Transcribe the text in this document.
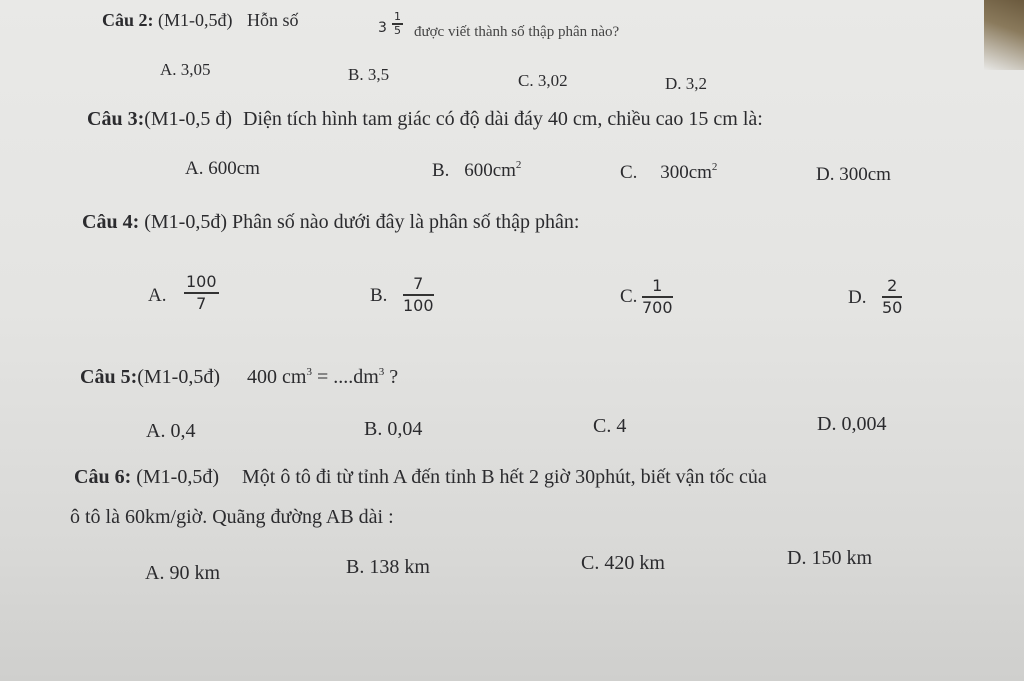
Câu 2: (M1-0,5đ) Hỗn số	3
1
5 được viết thành số thập phân nào?
A. 3,05	B. 3,5	C. 3,02	D. 3,2
Câu 3:(M1-0,5 đ) Diện tích hình tam giác có độ dài đáy 40 cm, chiều cao 15 cm là:
A. 600cm	B. $600cm^2$	C. $300cm^2$	D. 300cm
Câu 4: (M1-0,5đ) Phân số nào dưới đây là phân số thập phân:
A.
100
7	B.
7
100	C.
1
700	D.
2
50
Câu 5:(M1-0,5đ) 400 $cm^3 = ....dm^3$ ?
A. 0,4	B. 0,04	C. 4	D. 0,004
Câu 6: (M1-0,5đ) Một ô tô đi từ tỉnh A đến tỉnh B hết 2 giờ 30phút, biết vận tốc của
ô tô là 60km/giờ. Quãng đường AB dài :
A. 90 km	B. 138 km	C. 420 km	D. 150 km
